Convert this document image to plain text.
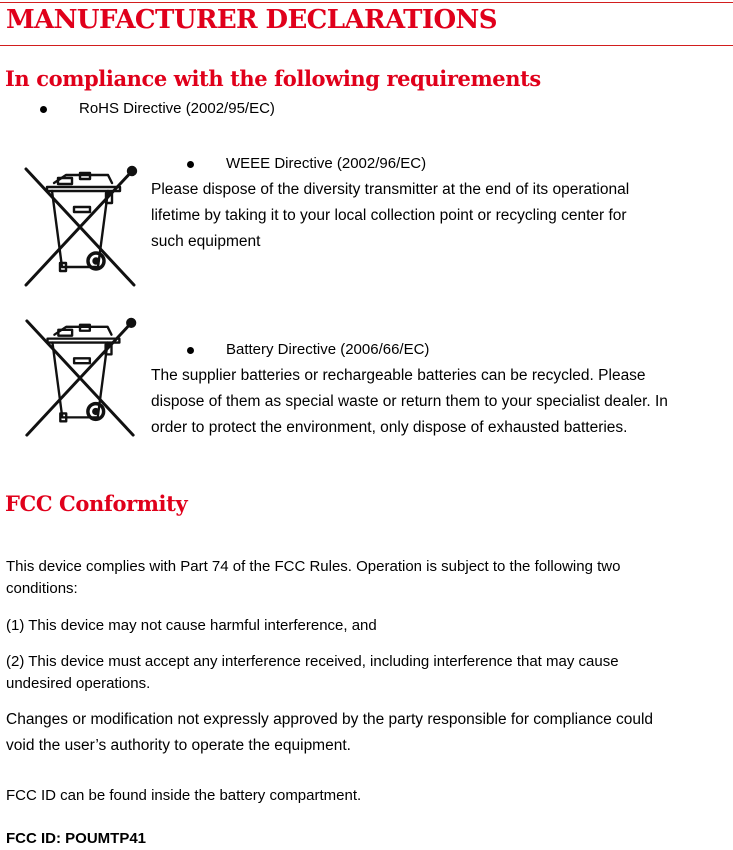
MANUFACTURER DECLARATIONS
In compliance with the following requirements
RoHS Directive (2002/95/EC)
WEEE Directive (2002/96/EC)
Please dispose of the diversity transmitter at the end of its operational
lifetime by taking it to your local collection point or recycling center for
such equipment
Battery Directive (2006/66/EC)
The supplier batteries or rechargeable batteries can be recycled. Please
dispose of them as special waste or return them to your specialist dealer. In
order to protect the environment, only dispose of exhausted batteries.
FCC Conformity
This device complies with Part 74 of the FCC Rules. Operation is subject to the following two
conditions:
(1) This device may not cause harmful interference, and
(2) This device must accept any interference received, including interference that may cause
undesired operations.
Changes or modification not expressly approved by the party responsible for compliance could
void the user’s authority to operate the equipment.
FCC ID can be found inside the battery compartment.
FCC ID: POUMTP41
